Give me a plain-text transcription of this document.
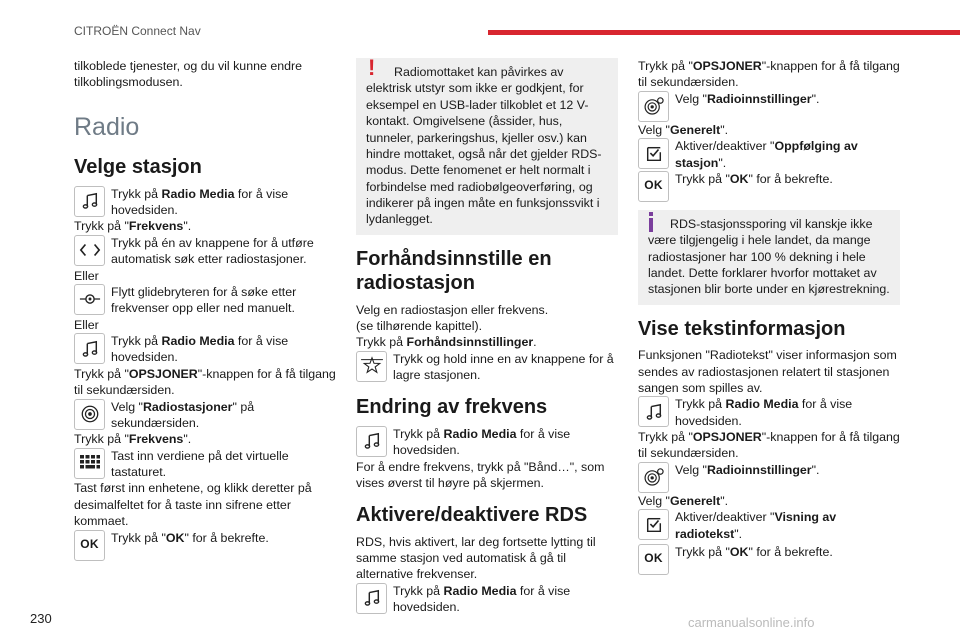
CITROËN Connect Nav

tilkoblede tjenester, og du vil kunne endre tilkoblingsmodusen.

Radio
Velge stasjon
Trykk på Radio Media for å vise hovedsiden.

Trykk på "Frekvens".

Trykk på én av knappene for å utføre automatisk søk etter radiostasjoner.

Eller

Flytt glidebryteren for å søke etter frekvenser opp eller ned manuelt.

Eller

Trykk på Radio Media for å vise hovedsiden.

Trykk på "OPSJONER"-knappen for å få tilgang til sekundærsiden.

Velg "Radiostasjoner" på sekundærsiden.

Trykk på "Frekvens".

Tast inn verdiene på det virtuelle tastaturet.

Tast først inn enhetene, og klikk deretter på desimalfeltet for å taste inn sifrene etter kommaet.

OK Trykk på "OK" for å bekrefte.
!	Radiomottaket kan påvirkes av elektrisk utstyr som ikke er godkjent, for eksempel en USB-lader tilkoblet et 12 V-kontakt. Omgivelsene (åssider, hus, tunneler, parkeringshus, kjeller osv.) kan hindre mottaket, også når det gjelder RDS-modus. Dette fenomenet er helt normalt i forbindelse med radiobølgeoverføring, og indikerer på ingen måte en funksjonssvikt i lydanlegget.

Forhåndsinnstille en radiostasjon

Velg en radiostasjon eller frekvens.

(se tilhørende kapittel).

Trykk på Forhåndsinnstillinger.

Trykk og hold inne en av knappene for å lagre stasjonen.
Endring av frekvens
Trykk på Radio Media for å vise hovedsiden.

For å endre frekvens, trykk på "Bånd…", som vises øverst til høyre på skjermen.

Aktivere/deaktivere RDS

RDS, hvis aktivert, lar deg fortsette lytting til samme stasjon ved automatisk å gå til alternative frekvenser.

Trykk på Radio Media for å vise hovedsiden.

Trykk på "OPSJONER"-knappen for å få tilgang til sekundærsiden.

Velg "Radioinnstillinger".

Velg "Generelt".

Aktiver/deaktiver "Oppfølging av stasjon".
OK Trykk på "OK" for å bekrefte.

RDS-stasjonssporing vil kanskje ikke være tilgjengelig i hele landet, da mange radiostasjoner har 100 % dekning i hele landet. Dette forklarer hvorfor mottaket av stasjonen blir borte under en kjørestrekning.

Vise tekstinformasjon

Funksjonen "Radiotekst" viser informasjon som sendes av radiostasjonen relatert til stasjonen sangen som spilles av.

Trykk på Radio Media for å vise hovedsiden.

Trykk på "OPSJONER"-knappen for å få tilgang til sekundærsiden.

Velg "Radioinnstillinger".

Velg "Generelt".

Aktiver/deaktiver "Visning av radiotekst".
OK Trykk på "OK" for å bekrefte.
230	carmanualsonline.info
